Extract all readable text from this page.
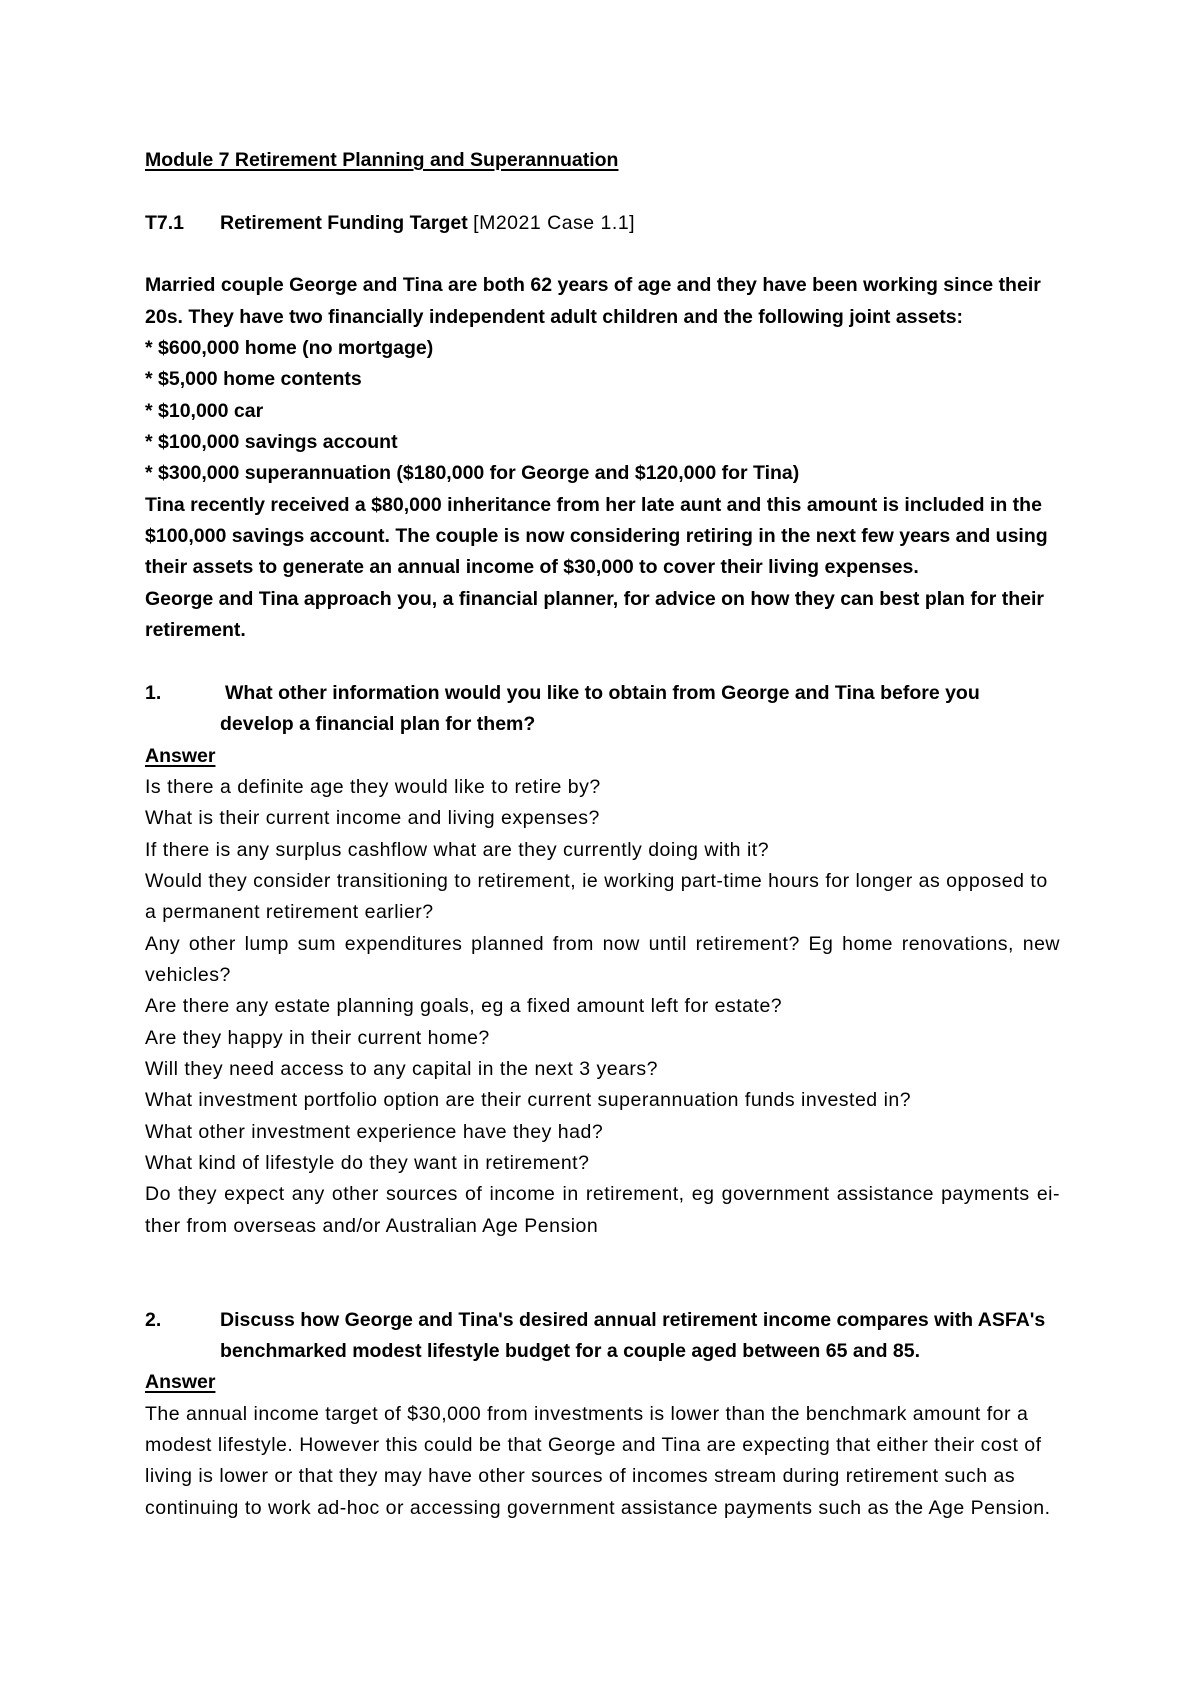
Module 7 Retirement Planning and Superannuation
T7.1 Retirement Funding Target [M2021 Case 1.1]
Married couple George and Tina are both 62 years of age and they have been working since their
20s. They have two financially independent adult children and the following joint assets:
* $600,000 home (no mortgage)
* $5,000 home contents
* $10,000 car
* $100,000 savings account
* $300,000 superannuation ($180,000 for George and $120,000 for Tina)
Tina recently received a $80,000 inheritance from her late aunt and this amount is included in the
$100,000 savings account. The couple is now considering retiring in the next few years and using
their assets to generate an annual income of $30,000 to cover their living expenses.
George and Tina approach you, a financial planner, for advice on how they can best plan for their
retirement.
1.	What other information would you like to obtain from George and Tina before you
develop a financial plan for them?
Answer
Is there a definite age they would like to retire by?
What is their current income and living expenses?
If there is any surplus cashflow what are they currently doing with it?
Would they consider transitioning to retirement, ie working part-time hours for longer as opposed to
a permanent retirement earlier?
Any other lump sum expenditures planned from now until retirement? Eg home renovations, new
vehicles?
Are there any estate planning goals, eg a fixed amount left for estate?
Are they happy in their current home?
Will they need access to any capital in the next 3 years?
What investment portfolio option are their current superannuation funds invested in?
What other investment experience have they had?
What kind of lifestyle do they want in retirement?
Do they expect any other sources of income in retirement, eg government assistance payments ei-
ther from overseas and/or Australian Age Pension
2.	Discuss how George and Tina's desired annual retirement income compares with ASFA's
benchmarked modest lifestyle budget for a couple aged between 65 and 85.
Answer
The annual income target of $30,000 from investments is lower than the benchmark amount for a
modest lifestyle. However this could be that George and Tina are expecting that either their cost of
living is lower or that they may have other sources of incomes stream during retirement such as
continuing to work ad-hoc or accessing government assistance payments such as the Age Pension.
